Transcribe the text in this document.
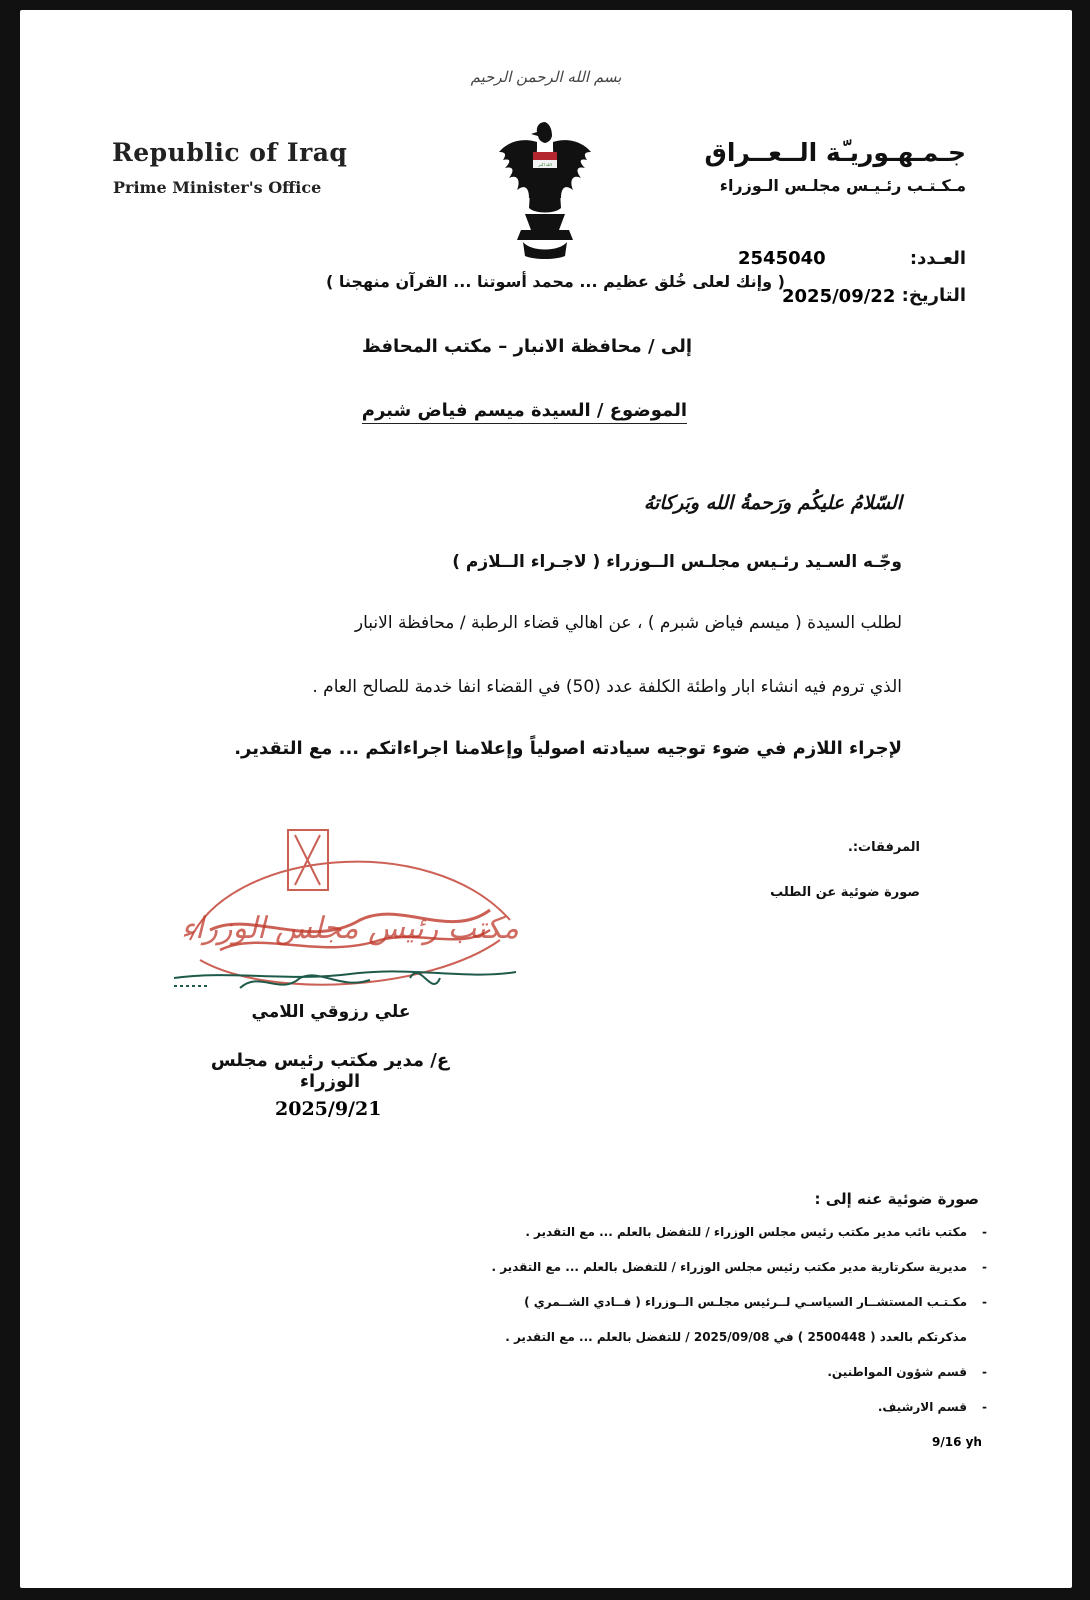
بسم الله الرحمن الرحيم
Republic of Iraq
Prime Minister's Office
جـمـهـوريـّة الــعــراق
مـكـتـب رئـيـس مجلـس الـوزراء
الله اكبر
العـدد:
2545040
التاريخ:
2025/09/22
( وإنك لعلى خُلق عظيم ... محمد أسوتنا ... القرآن منهجنا )
إلى / محافظة الانبار – مكتب المحافظ
الموضوع / السيدة ميسم فياض شبرم
السّلامُ عليكُم ورَحمةُ الله وبَركاتهُ
وجّـه السـيد رئـيس مجلـس الــوزراء ( لاجـراء الــلازم )
لطلب السيدة ( ميسم فياض شبرم ) ، عن اهالي قضاء الرطبة / محافظة الانبار
الذي تروم فيه انشاء ابار واطئة الكلفة عدد (50) في القضاء انفا خدمة للصالح العام .
لإجراء اللازم في ضوء توجيه سيادته اصولياً وإعلامنا اجراءاتكم ... مع التقدير.
المرفقات:.
صورة ضوئية عن الطلب
مكتب رئيس مجلس الوزراء
علي رزوقي اللامي
ع/ مدير مكتب رئيس مجلس الوزراء
2025/9/21
صورة ضوئية عنه إلى :
-
مكتب نائب مدير مكتب رئيس مجلس الوزراء / للتفضل بالعلم ... مع التقدير .
-
مديرية سكرتارية مدير مكتب رئيس مجلس الوزراء / للتفضل بالعلم ... مع التقدير .
-
مكـتـب المستشــار السياسـي لــرئيس مجلـس الــوزراء ( فــادي الشــمري )
مذكرتكم بالعدد ( 2500448 ) في 2025/09/08 / للتفضل بالعلم ... مع التقدير .
-
قسم شؤون المواطنين.
-
قسم الارشيف.
9/16 yh
